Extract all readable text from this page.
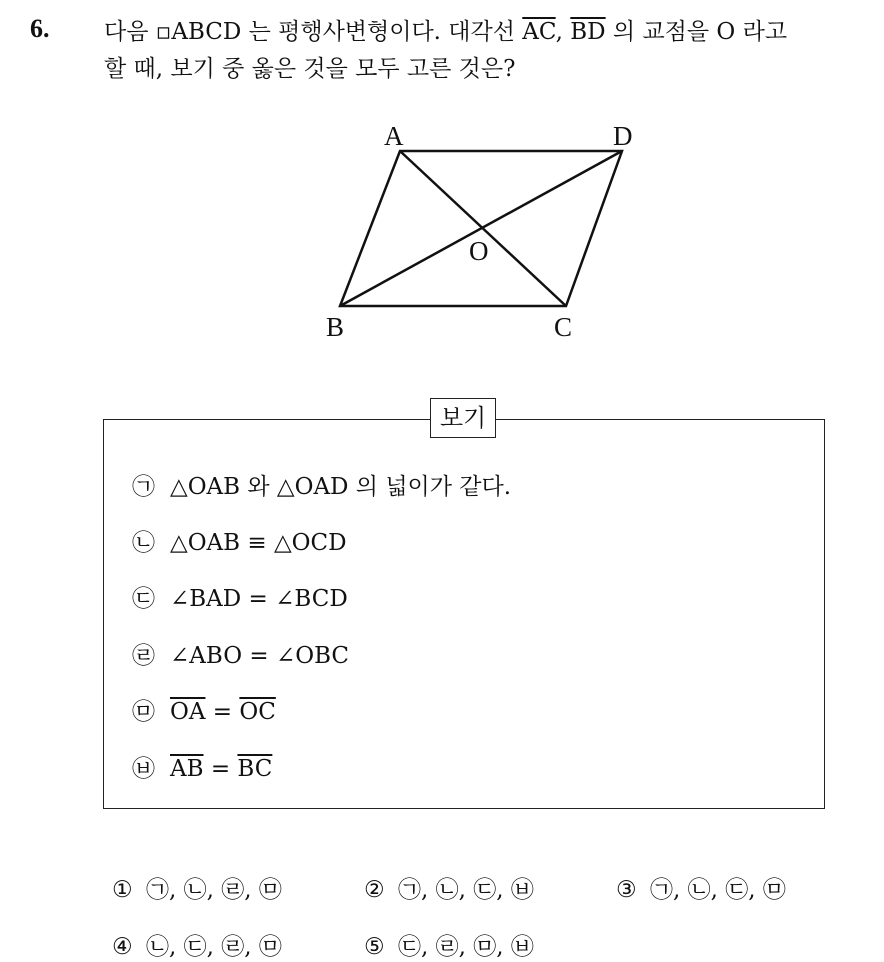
6. 다음 ▫ABCD 는 평행사변형이다. 대각선 $\overline{AC}$, $\overline{BD}$ 의 교점을 O 라고
할 때, 보기 중 옳은 것을 모두 고른 것은?
A	D
B	C
O
보기
㉠ △OAB 와 △OAD 의 넓이가 같다.
㉡ △OAB ≡ △OCD
㉢ ∠BAD = ∠BCD
㉣ ∠ABO = ∠OBC
㉤ $\overline{OA} = \overline{OC}$
㉥ $\overline{AB} = \overline{BC}$
① ㉠, ㉡, ㉣, ㉤	② ㉠, ㉡, ㉢, ㉥	③ ㉠, ㉡, ㉢, ㉤
④ ㉡, ㉢, ㉣, ㉤	⑤ ㉢, ㉣, ㉤, ㉥
